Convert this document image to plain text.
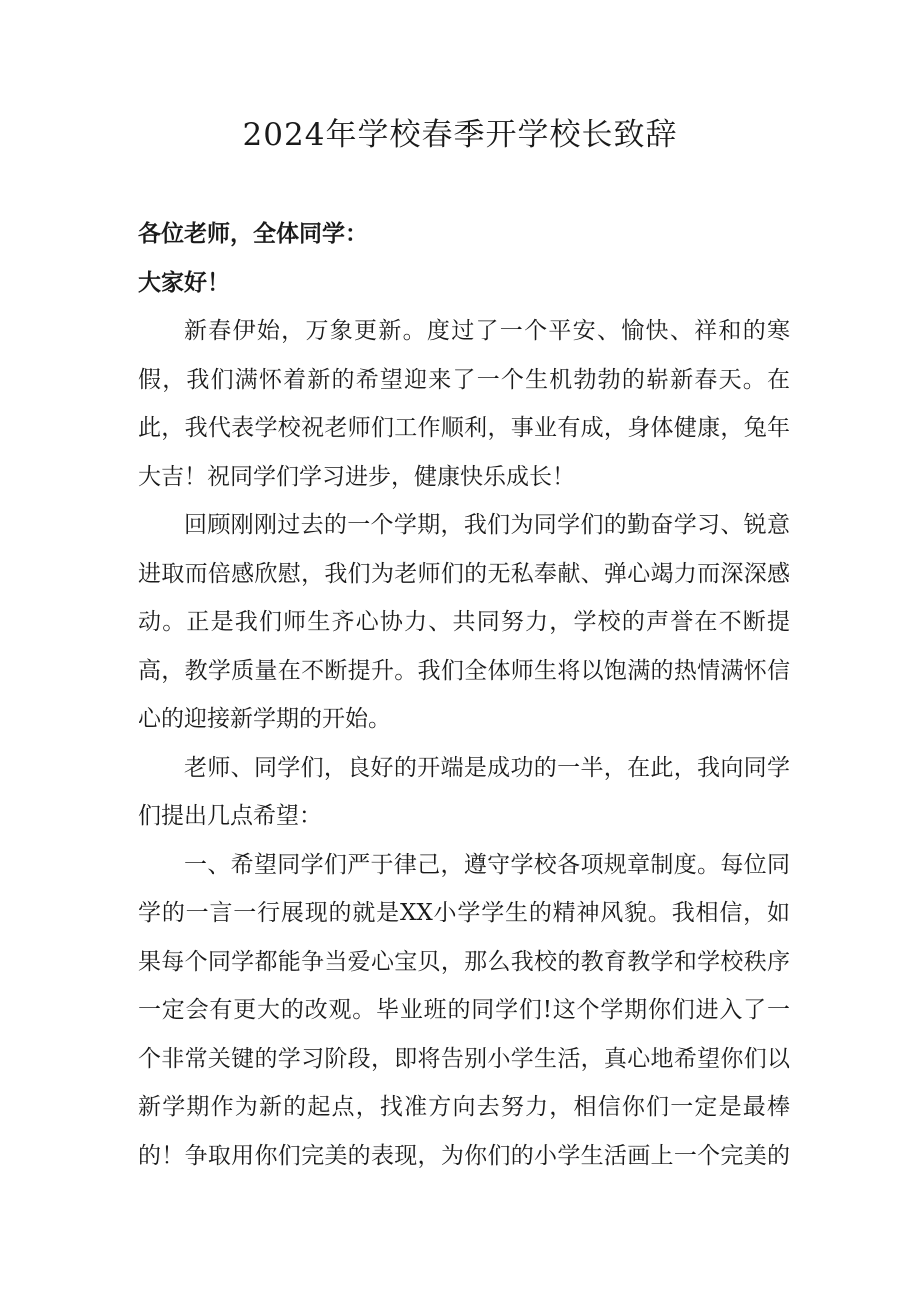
2024年学校春季开学校长致辞
各位老师，全体同学：
大家好！
新春伊始，万象更新。度过了一个平安、愉快、祥和的寒
假，我们满怀着新的希望迎来了一个生机勃勃的崭新春天。在
此，我代表学校祝老师们工作顺利，事业有成，身体健康，兔年
大吉！祝同学们学习进步，健康快乐成长！
回顾刚刚过去的一个学期，我们为同学们的勤奋学习、锐意
进取而倍感欣慰，我们为老师们的无私奉献、弹心竭力而深深感
动。正是我们师生齐心协力、共同努力，学校的声誉在不断提
高，教学质量在不断提升。我们全体师生将以饱满的热情满怀信
心的迎接新学期的开始。
老师、同学们，良好的开端是成功的一半，在此，我向同学
们提出几点希望：
一、希望同学们严于律己，遵守学校各项规章制度。每位同
学的一言一行展现的就是XX小学学生的精神风貌。我相信，如
果每个同学都能争当爱心宝贝，那么我校的教育教学和学校秩序
一定会有更大的改观。毕业班的同学们!这个学期你们进入了一
个非常关键的学习阶段，即将告别小学生活，真心地希望你们以
新学期作为新的起点，找准方向去努力，相信你们一定是最棒
的！争取用你们完美的表现，为你们的小学生活画上一个完美的
